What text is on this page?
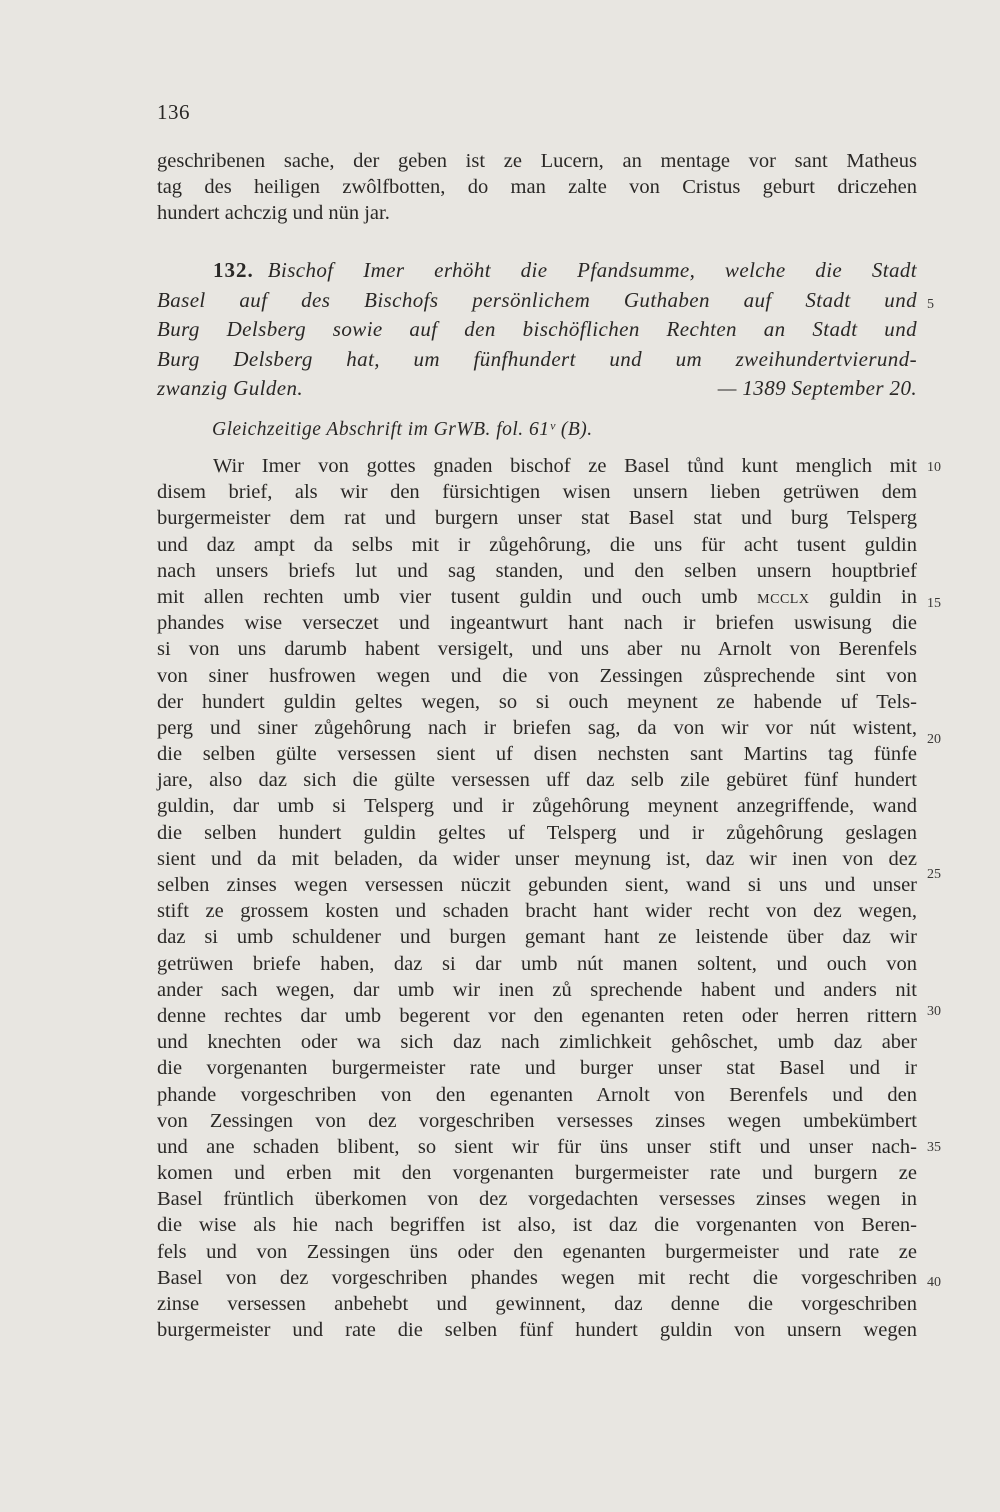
136
geschribenen sache, der geben ist ze Lucern, an mentage vor sant Matheus
tag des heiligen zwôlfbotten, do man zalte von Cristus geburt driczehen
hundert achczig und nün jar.
132. Bischof Imer erhöht die Pfandsumme, welche die Stadt
Basel auf des Bischofs persönlichem Guthaben auf Stadt und
Burg Delsberg sowie auf den bischöflichen Rechten an Stadt und
Burg Delsberg hat, um fünfhundert und um zweihundertvierund-
zwanzig Gulden.	— 1389 September 20.
Gleichzeitige Abschrift im GrWB. fol. 61ᵛ (B).
Wir Imer von gottes gnaden bischof ze Basel tůnd kunt menglich mit
disem brief, als wir den fürsichtigen wisen unsern lieben getrüwen dem
burgermeister dem rat und burgern unser stat Basel stat und burg Telsperg
und daz ampt da selbs mit ir zůgehôrung, die uns für acht tusent guldin
nach unsers briefs lut und sag standen, und den selben unsern houptbrief
mit allen rechten umb vier tusent guldin und ouch umb mcclx guldin in
phandes wise verseczet und ingeantwurt hant nach ir briefen uswisung die
si von uns darumb habent versigelt, und uns aber nu Arnolt von Berenfels
von siner husfrowen wegen und die von Zessingen zůsprechende sint von
der hundert guldin geltes wegen, so si ouch meynent ze habende uf Tels-
perg und siner zůgehôrung nach ir briefen sag, da von wir vor nút wistent,
die selben gülte versessen sient uf disen nechsten sant Martins tag fünfe
jare, also daz sich die gülte versessen uff daz selb zile gebüret fünf hundert
guldin, dar umb si Telsperg und ir zůgehôrung meynent anzegriffende, wand
die selben hundert guldin geltes uf Telsperg und ir zůgehôrung geslagen
sient und da mit beladen, da wider unser meynung ist, daz wir inen von dez
selben zinses wegen versessen nüczit gebunden sient, wand si uns und unser
stift ze grossem kosten und schaden bracht hant wider recht von dez wegen,
daz si umb schuldener und burgen gemant hant ze leistende über daz wir
getrüwen briefe haben, daz si dar umb nút manen soltent, und ouch von
ander sach wegen, dar umb wir inen zů sprechende habent und anders nit
denne rechtes dar umb begerent vor den egenanten reten oder herren rittern
und knechten oder wa sich daz nach zimlichkeit gehôschet, umb daz aber
die vorgenanten burgermeister rate und burger unser stat Basel und ir
phande vorgeschriben von den egenanten Arnolt von Berenfels und den
von Zessingen von dez vorgeschriben versesses zinses wegen umbekümbert
und ane schaden blibent, so sient wir für üns unser stift und unser nach-
komen und erben mit den vorgenanten burgermeister rate und burgern ze
Basel früntlich überkomen von dez vorgedachten versesses zinses wegen in
die wise als hie nach begriffen ist also, ist daz die vorgenanten von Beren-
fels und von Zessingen üns oder den egenanten burgermeister und rate ze
Basel von dez vorgeschriben phandes wegen mit recht die vorgeschriben
zinse versessen anbehebt und gewinnent, daz denne die vorgeschriben
burgermeister und rate die selben fünf hundert guldin von unsern wegen
5
10
15
20
25
30
35
40
